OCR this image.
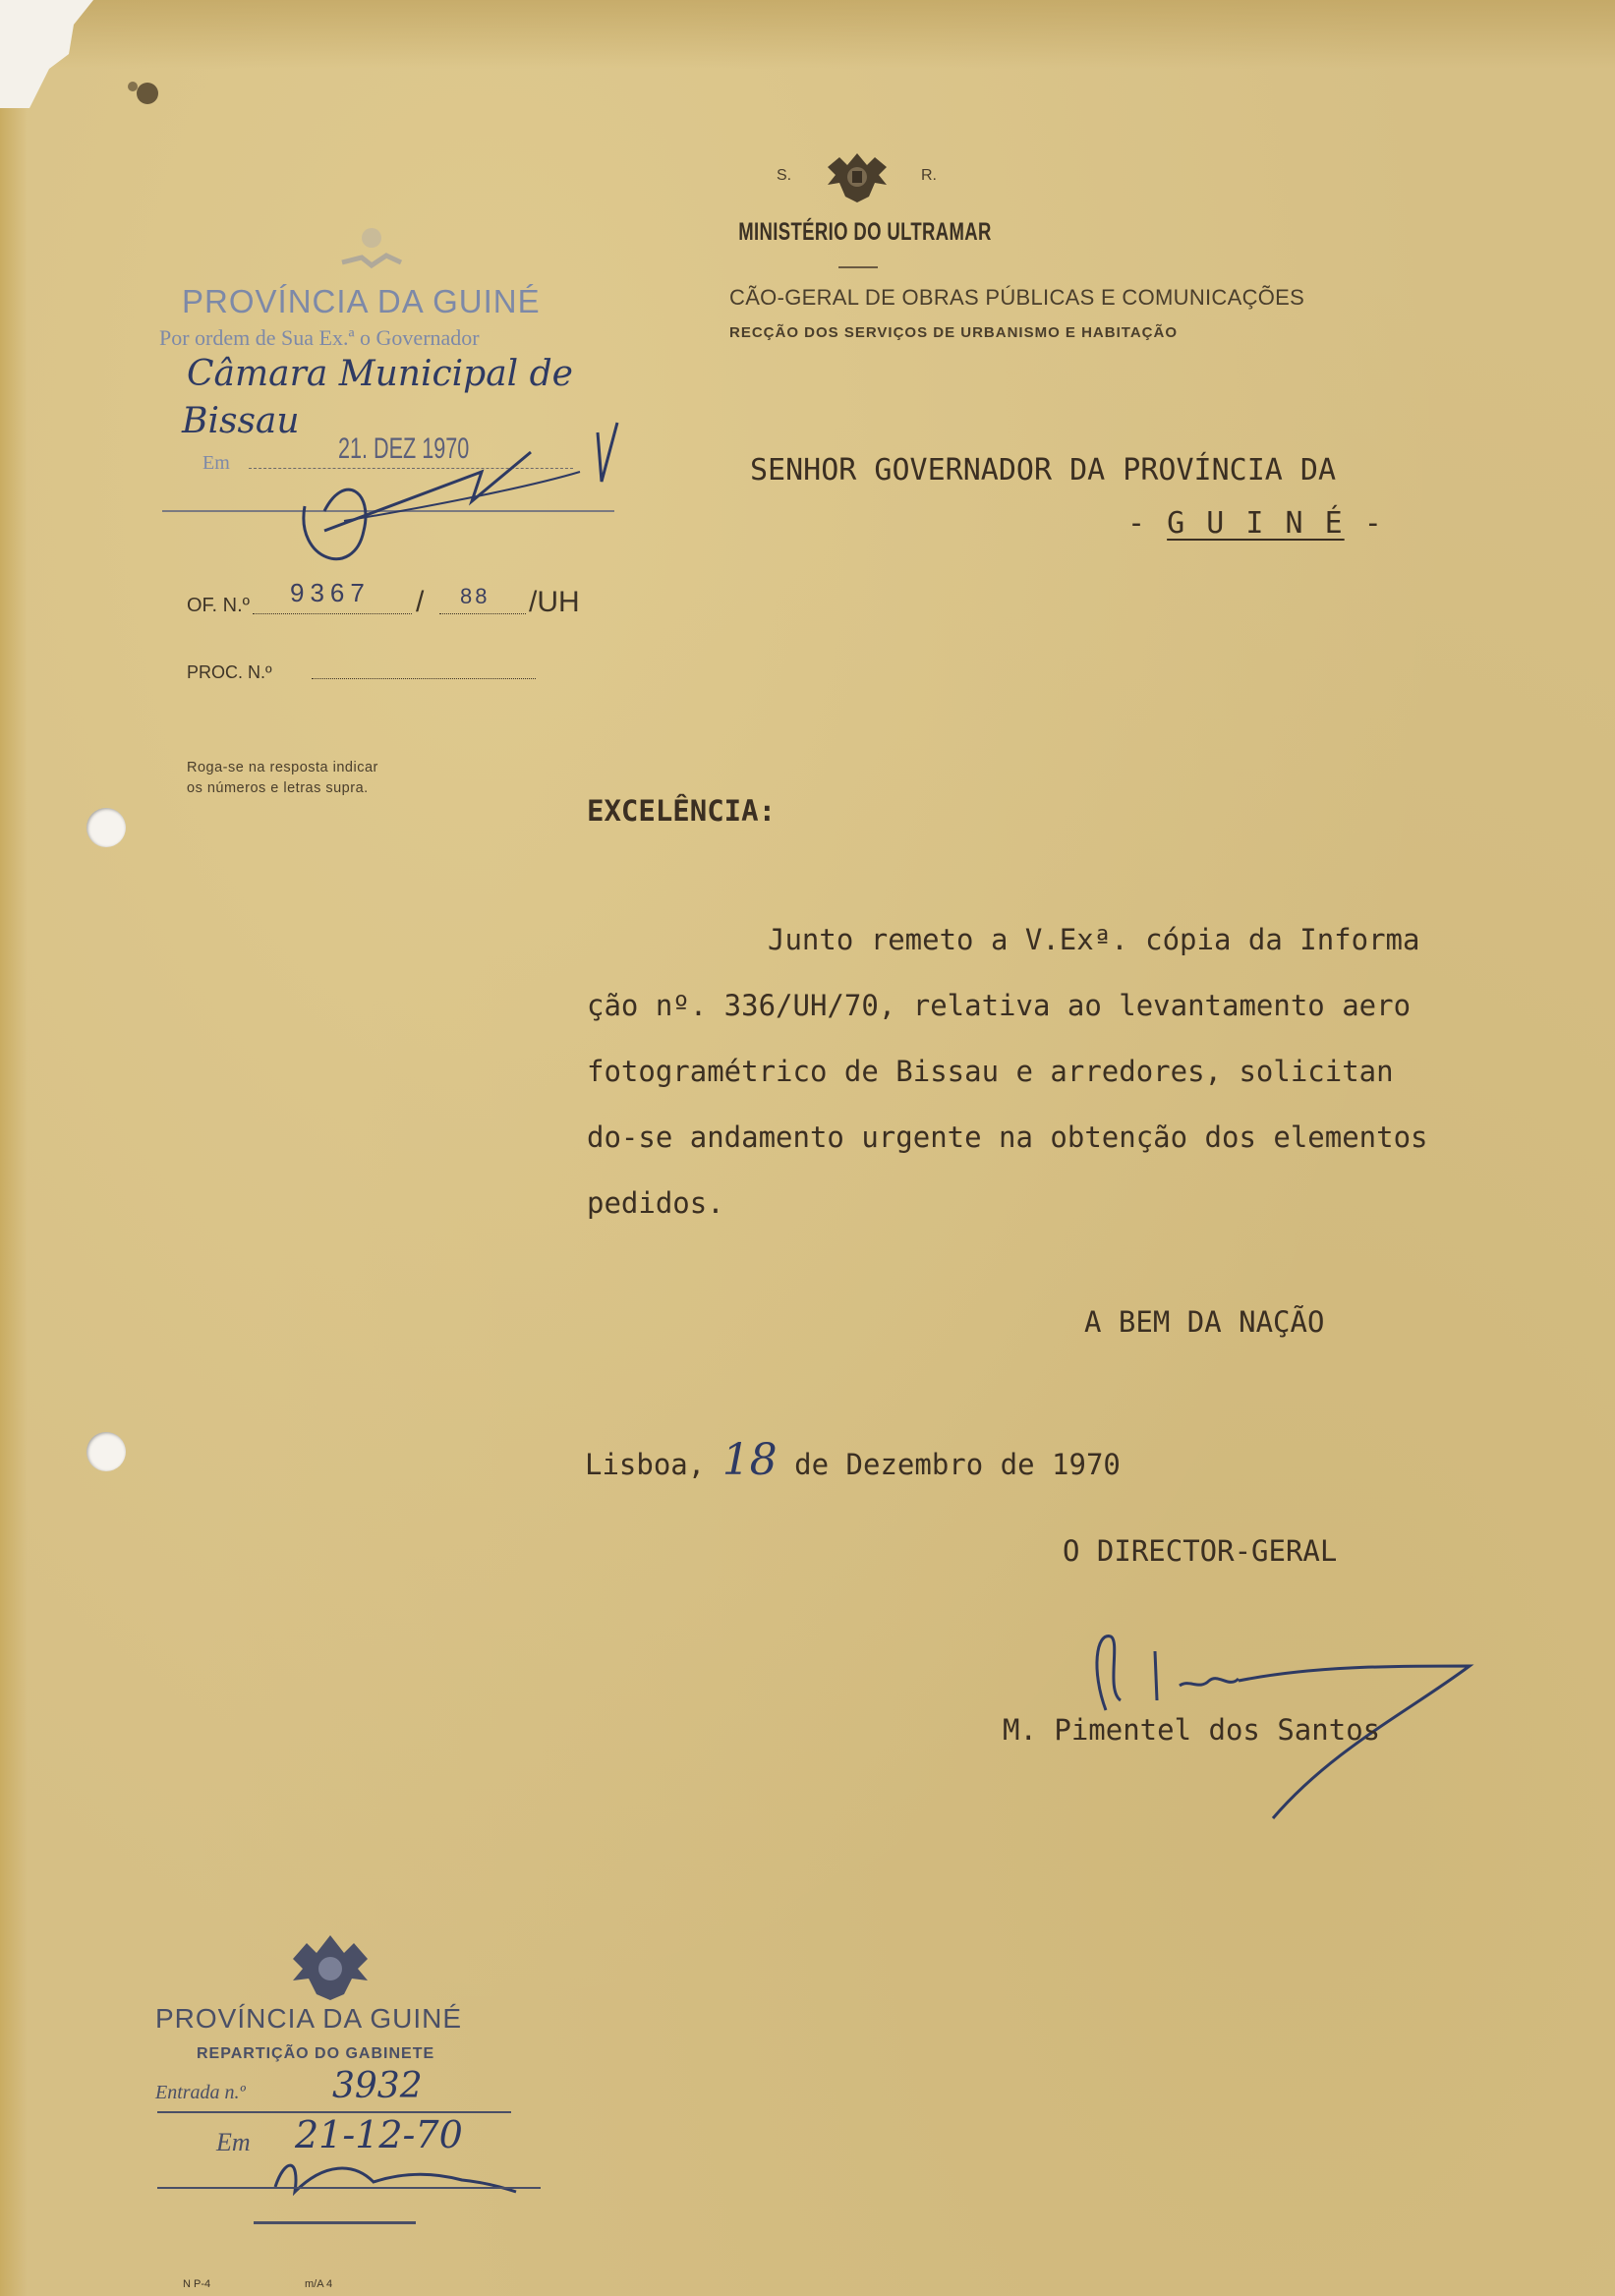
S.	R.
MINISTÉRIO DO ULTRAMAR
CÃO-GERAL DE OBRAS PÚBLICAS E COMUNICAÇÕES
RECÇÃO DOS SERVIÇOS DE URBANISMO E HABITAÇÃO
PROVÍNCIA DA GUINÉ
Por ordem de Sua Ex.ª o Governador
Câmara Municipal de
Bissau
Em	21. DEZ 1970
OF. N.º 9367 / 88 /UH
PROC. N.º
Roga-se na resposta indicar os números e letras supra.
SENHOR GOVERNADOR DA PROVÍNCIA DA
- G U I N É -
EXCELÊNCIA:
Junto remeto a V.Exª. cópia da Informa
ção nº. 336/UH/70, relativa ao levantamento aero
fotogramétrico de Bissau e arredores, solicitan
do-se andamento urgente na obtenção dos elementos
pedidos.
A BEM DA NAÇÃO
Lisboa, 18 de Dezembro de 1970
O DIRECTOR-GERAL
M. Pimentel dos Santos
PROVÍNCIA DA GUINÉ
REPARTIÇÃO DO GABINETE
Entrada n.º 3932
Em 21-12-70
N P-4	m/A 4
